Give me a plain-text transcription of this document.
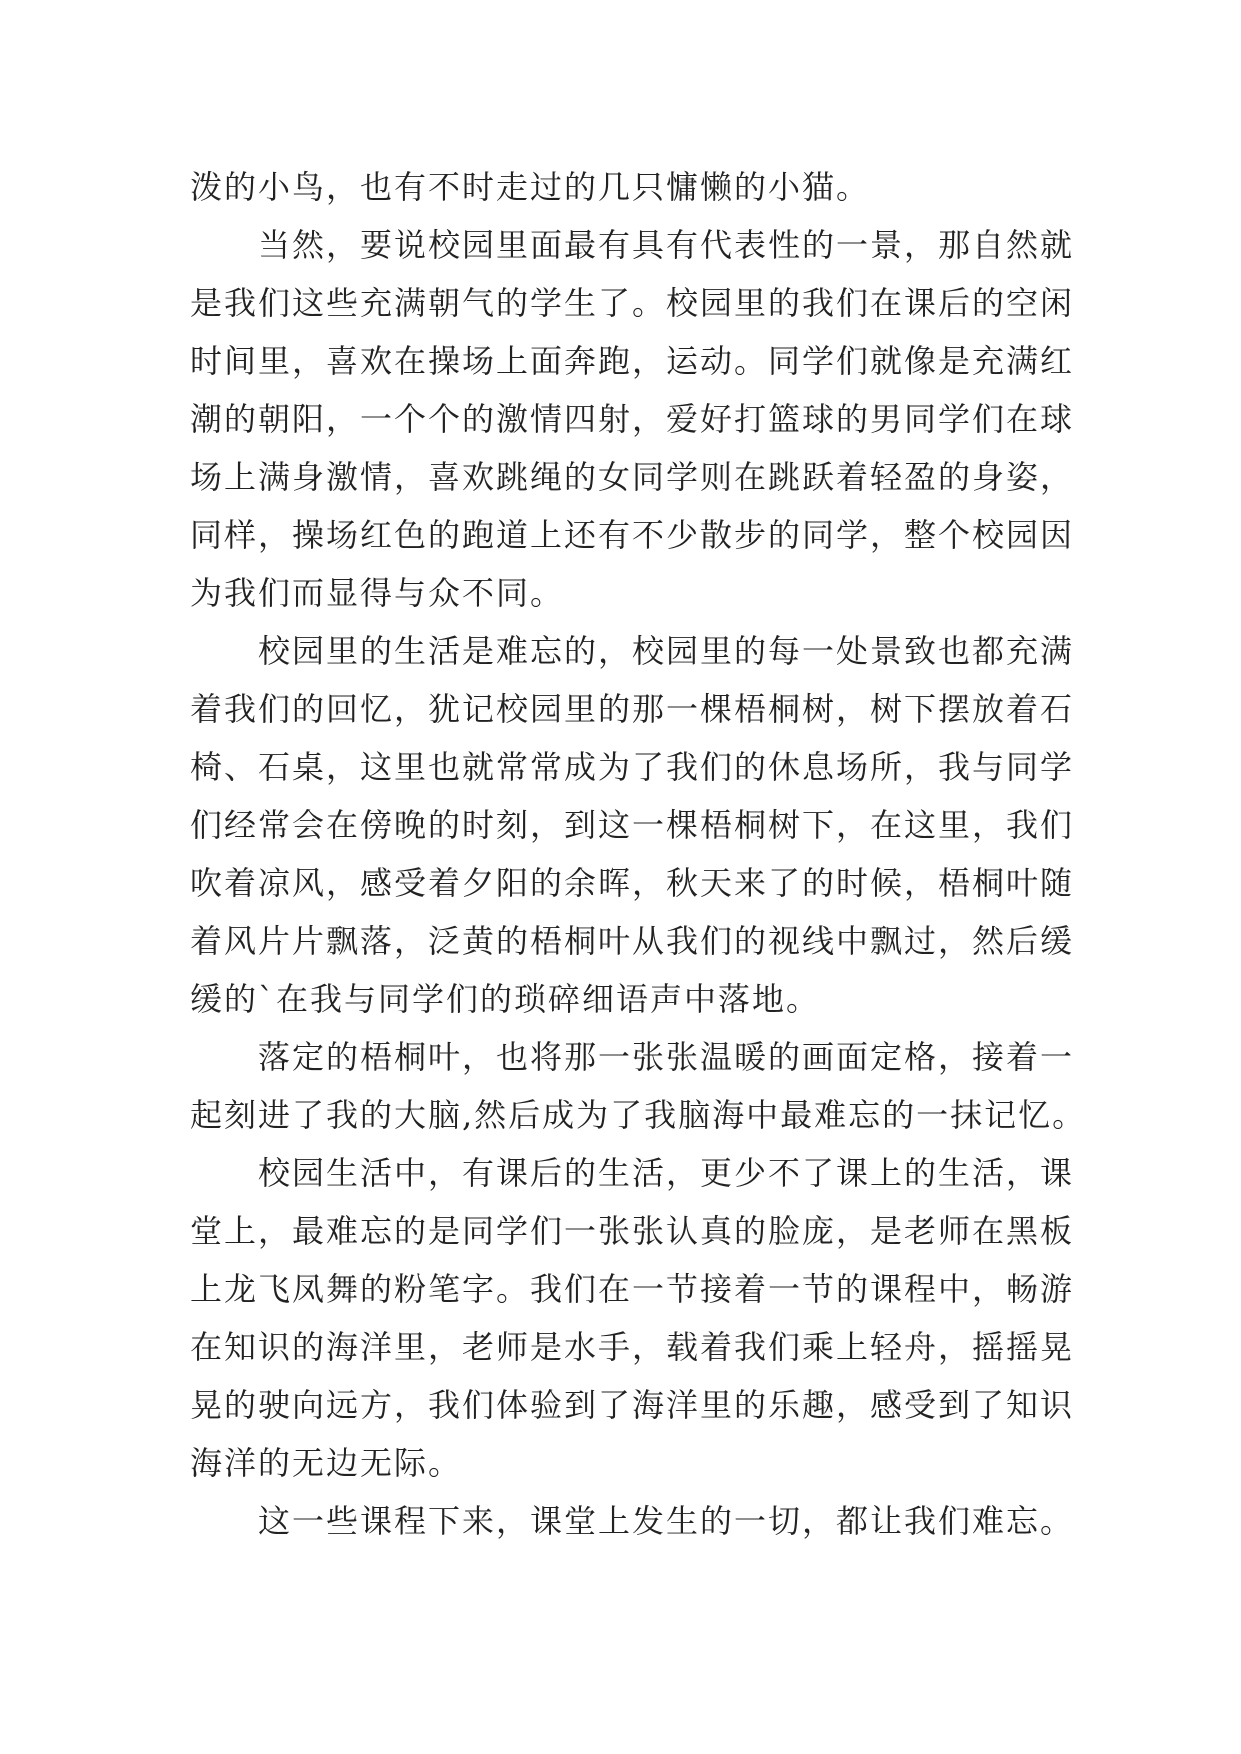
泼的小鸟，也有不时走过的几只慵懒的小猫。
当然，要说校园里面最有具有代表性的一景，那自然就
是我们这些充满朝气的学生了。校园里的我们在课后的空闲
时间里，喜欢在操场上面奔跑，运动。同学们就像是充满红
潮的朝阳，一个个的激情四射，爱好打篮球的男同学们在球
场上满身激情，喜欢跳绳的女同学则在跳跃着轻盈的身姿，
同样，操场红色的跑道上还有不少散步的同学，整个校园因
为我们而显得与众不同。
校园里的生活是难忘的，校园里的每一处景致也都充满
着我们的回忆，犹记校园里的那一棵梧桐树，树下摆放着石
椅、石桌，这里也就常常成为了我们的休息场所，我与同学
们经常会在傍晚的时刻，到这一棵梧桐树下，在这里，我们
吹着凉风，感受着夕阳的余晖，秋天来了的时候，梧桐叶随
着风片片飘落，泛黄的梧桐叶从我们的视线中飘过，然后缓
缓的`在我与同学们的琐碎细语声中落地。
落定的梧桐叶，也将那一张张温暖的画面定格，接着一
起刻进了我的大脑,然后成为了我脑海中最难忘的一抹记忆。
校园生活中，有课后的生活，更少不了课上的生活，课
堂上，最难忘的是同学们一张张认真的脸庞，是老师在黑板
上龙飞凤舞的粉笔字。我们在一节接着一节的课程中，畅游
在知识的海洋里，老师是水手，载着我们乘上轻舟，摇摇晃
晃的驶向远方，我们体验到了海洋里的乐趣，感受到了知识
海洋的无边无际。
这一些课程下来，课堂上发生的一切，都让我们难忘。
